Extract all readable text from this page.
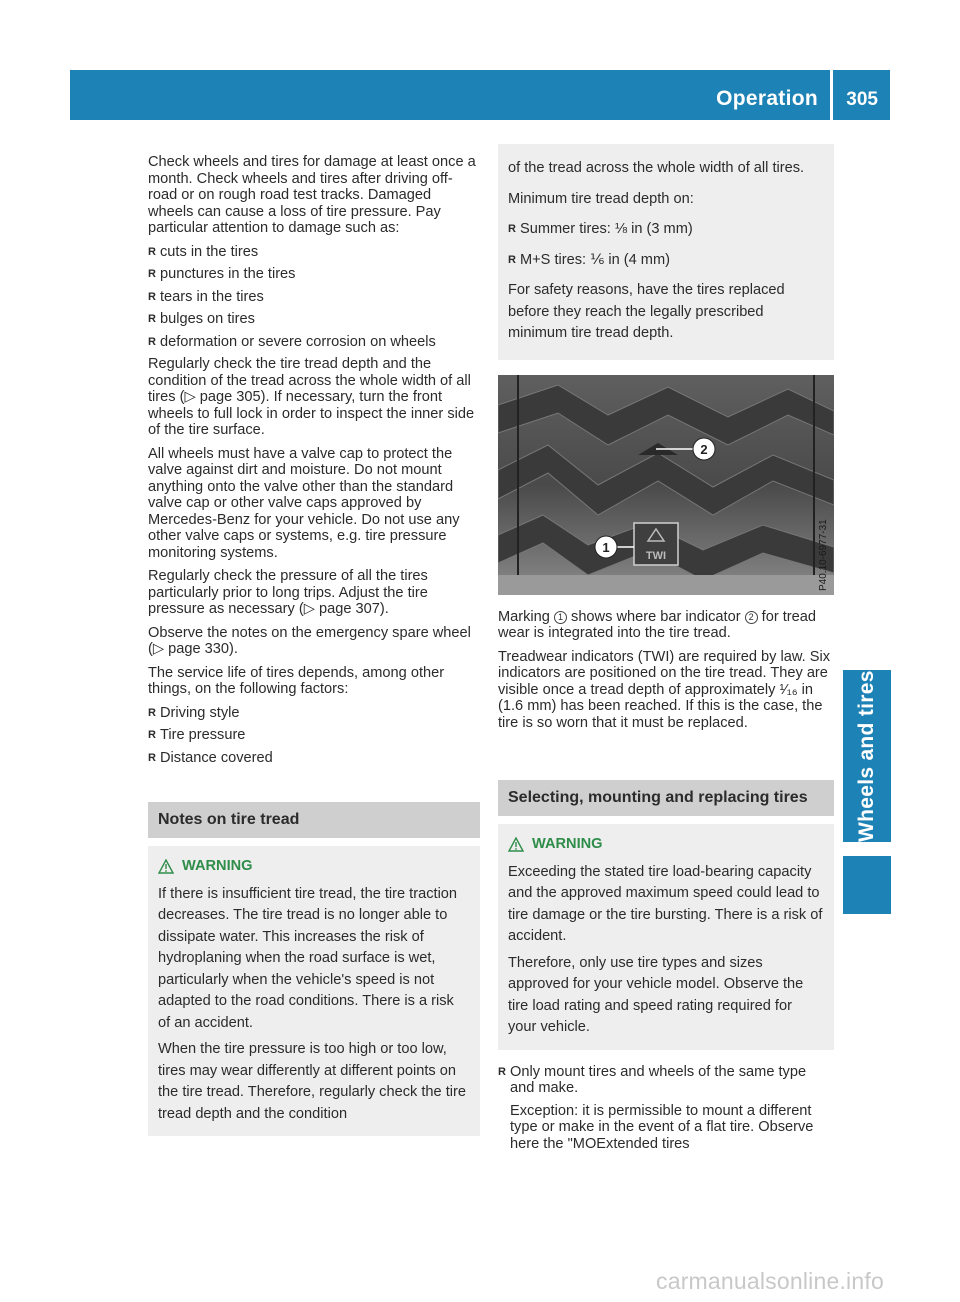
Operation 305
Wheels and tires

Check wheels and tires for damage at least once a month. Check wheels and tires after driving off-road or on rough road test tracks. Damaged wheels can cause a loss of tire pressure. Pay particular attention to damage such as:

R cuts in the tires
R punctures in the tires
R tears in the tires
R bulges on tires
R deformation or severe corrosion on wheels

Regularly check the tire tread depth and the condition of the tread across the whole width of all tires (▷ page 305). If necessary, turn the front wheels to full lock in order to inspect the inner side of the tire surface.

All wheels must have a valve cap to protect the valve against dirt and moisture. Do not mount anything onto the valve other than the standard valve cap or other valve caps approved by Mercedes-Benz for your vehicle. Do not use any other valve caps or systems, e.g. tire pressure monitoring systems.

Regularly check the pressure of all the tires particularly prior to long trips. Adjust the tire pressure as necessary (▷ page 307).

Observe the notes on the emergency spare wheel (▷ page 330).

The service life of tires depends, among other things, on the following factors:

R Driving style
R Tire pressure
R Distance covered
Notes on tire tread
WARNING

If there is insufficient tire tread, the tire traction decreases. The tire tread is no longer able to dissipate water. This increases the risk of hydroplaning when the road surface is wet, particularly when the vehicle's speed is not adapted to the road conditions. There is a risk of an accident.

When the tire pressure is too high or too low, tires may wear differently at different points on the tire tread. Therefore, regularly check the tire tread depth and the condition

of the tread across the whole width of all tires.

Minimum tire tread depth on:

R Summer tires: ⅛ in (3 mm)
R M+S tires: ⅙ in (4 mm)

For safety reasons, have the tires replaced before they reach the legally prescribed minimum tire tread depth.

2
TWI
1	P40.10-6977-31

Marking 1 shows where bar indicator 2 for tread wear is integrated into the tire tread.

Treadwear indicators (TWI) are required by law. Six indicators are positioned on the tire tread. They are visible once a tread depth of approximately ¹⁄₁₆ in (1.6 mm) has been reached. If this is the case, the tire is so worn that it must be replaced.

Selecting, mounting and replacing tires
WARNING

Exceeding the stated tire load-bearing capacity and the approved maximum speed could lead to tire damage or the tire bursting. There is a risk of accident.

Therefore, only use tire types and sizes approved for your vehicle model. Observe the tire load rating and speed rating required for your vehicle.

R Only mount tires and wheels of the same type and make.
Exception: it is permissible to mount a different type or make in the event of a flat tire. Observe here the "MOExtended tires
carmanualsonline.info
